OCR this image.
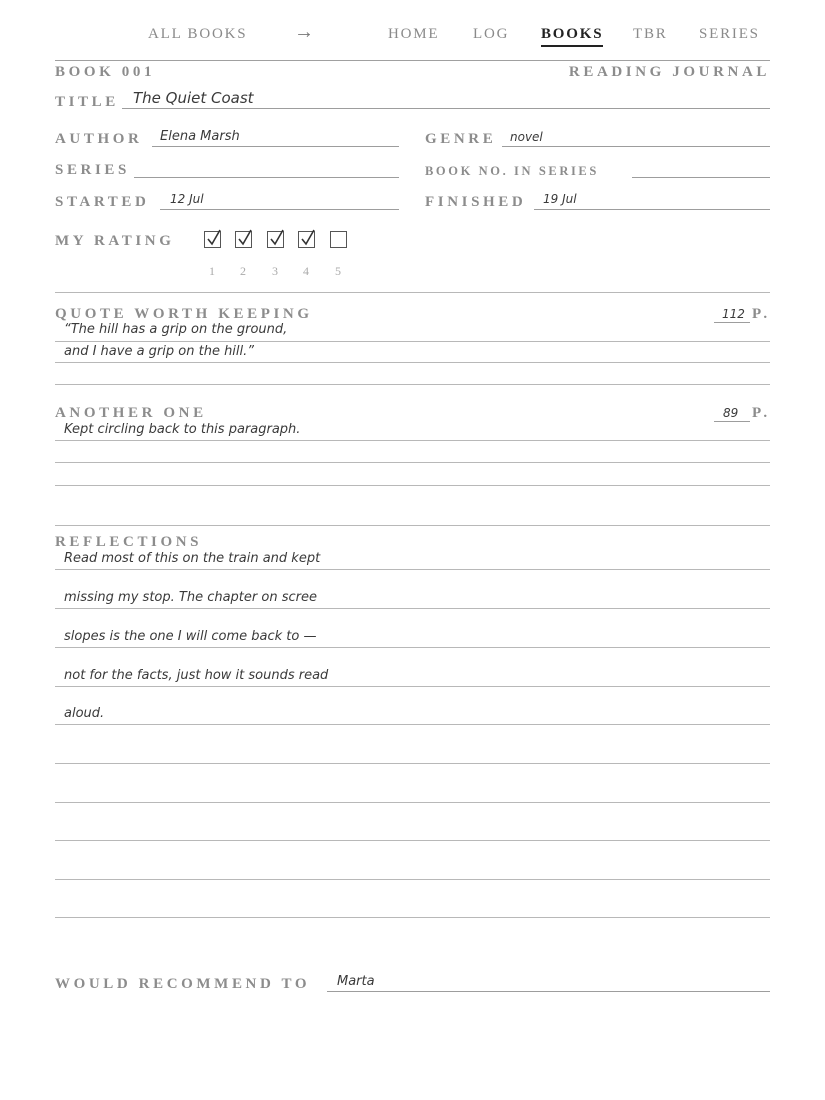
ALL BOOKS →	HOME LOG BOOKS TBR SERIES
BOOK 001	READING JOURNAL
TITLE The Quiet Coast
AUTHOR Elena Marsh	GENRE novel
SERIES	BOOK NO. IN SERIES
STARTED 12 Jul	FINISHED 19 Jul
MY RATING
1 2 3 4 5
QUOTE WORTH KEEPING	112 P.
“The hill has a grip on the ground,
and I have a grip on the hill.”
ANOTHER ONE	89 P.
Kept circling back to this paragraph.
REFLECTIONS
Read most of this on the train and kept
missing my stop. The chapter on scree
slopes is the one I will come back to —
not for the facts, just how it sounds read
aloud.
WOULD RECOMMEND TO Marta
